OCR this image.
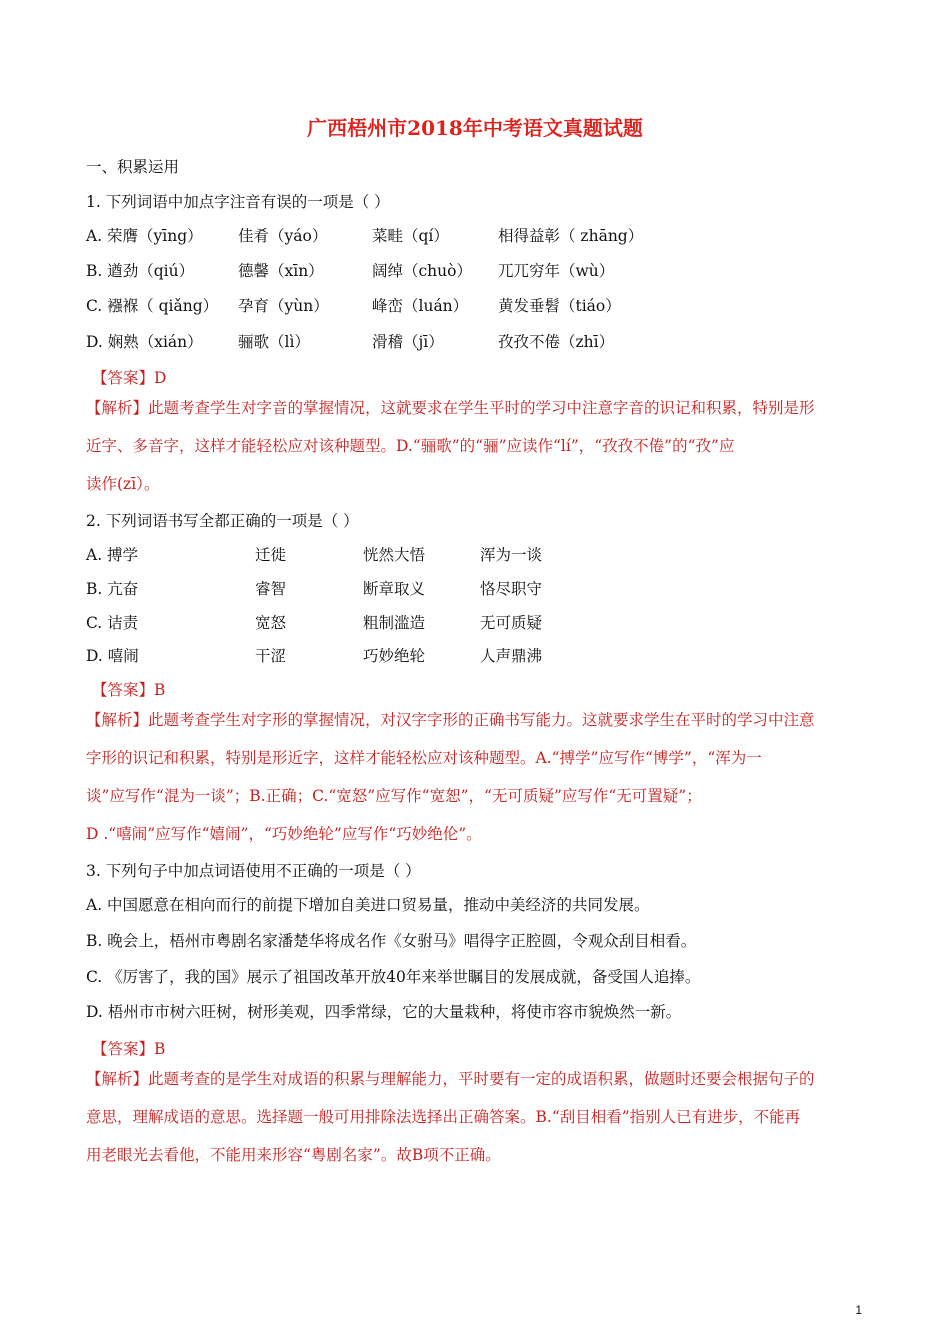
广西梧州市2018年中考语文真题试题
一、积累运用
1. 下列词语中加点字注音有误的一项是（ ）
A. 荣膺（yīng） 佳肴（yáo）	菜畦（qí）	相得益彰（ zhāng）
B. 遒劲（qiú）	德馨（xīn）	阔绰（chuò） 兀兀穷年（wù）
C. 襁褓（ qiǎng） 孕育（yùn）	峰峦（luán） 黄发垂髫（tiáo）
D. 娴熟（xián） 骊歌（lì）	滑稽（jī）	孜孜不倦（zhī）
【答案】D

【解析】此题考查学生对字音的掌握情况，这就要求在学生平时的学习中注意字音的识记和积累，特别是形

近字、多音字，这样才能轻松应对该种题型。D.“骊歌”的“骊”应读作“lí”，“孜孜不倦”的“孜”应

读作(zī）。

2. 下列词语书写全都正确的一项是（ ）
A. 搏学	迁徙	恍然大悟	浑为一谈
B. 亢奋	睿智	断章取义	恪尽职守
C. 诘责	宽怒	粗制滥造	无可质疑
D. 嘻闹	干涩	巧妙绝轮	人声鼎沸
【答案】B

【解析】此题考查学生对字形的掌握情况，对汉字字形的正确书写能力。这就要求学生在平时的学习中注意

字形的识记和积累，特别是形近字，这样才能轻松应对该种题型。A.“搏学”应写作“博学”，“浑为一

谈”应写作“混为一谈”；B.正确；C.“宽怒”应写作“宽恕”，“无可质疑”应写作“无可置疑”；

D .“嘻闹”应写作“嬉闹”，“巧妙绝轮”应写作“巧妙绝伦”。

3. 下列句子中加点词语使用不正确的一项是（ ）
A. 中国愿意在相向而行的前提下增加自美进口贸易量，推动中美经济的共同发展。
B. 晚会上，梧州市粤剧名家潘楚华将成名作《女驸马》唱得字正腔圆，令观众刮目相看。
C. 《厉害了，我的国》展示了祖国改革开放40年来举世瞩目的发展成就，备受国人追捧。
D. 梧州市市树六旺树，树形美观，四季常绿，它的大量栽种，将使市容市貌焕然一新。
【答案】B

【解析】此题考查的是学生对成语的积累与理解能力，平时要有一定的成语积累，做题时还要会根据句子的

意思，理解成语的意思。选择题一般可用排除法选择出正确答案。B.“刮目相看”指别人已有进步，不能再

用老眼光去看他，不能用来形容“粤剧名家”。故B项不正确。

1
